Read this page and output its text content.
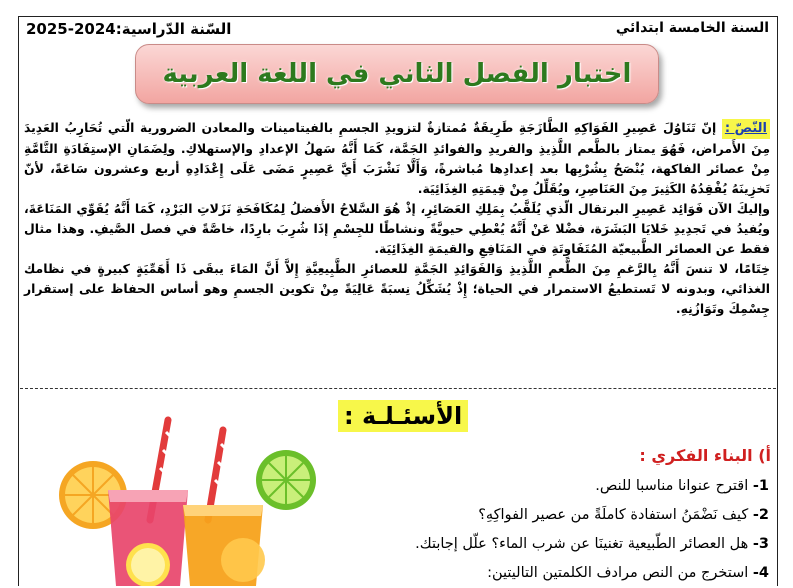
2025-2024:السّنة الدّراسية	السنة الخامسة ابتدائي
اختبار الفصل الثاني في اللغة العربية
النّصّ :

إنّ تَنَاوُلَ عَصِيرِ الفَوَاكِهِ الطَّازَجَةِ طَرِيقَةٌ مُمتازةٌ لتزويدِ الجسمِ بالفيتامينات والمعادن الضرورية الّتي تُحَارِبُ العَدِيدَ مِنَ الأَمراض، فَهُوَ يمتاز بالطَّعم اللَّذِيذِ والفريدِ والفوائدِ الجَمَّة، كَمَا أَنَّهُ سَهلُ الإعدادِ والإستهلاكِ. ولِضَمَانِ الإستِفَادَةِ التَّامَّةِ مِنْ عصائر الفاكهة، يُنْصَحُ بِشُرْبِها بعد إعدادِها مُباشرةً، وَأَلَّا نَشْرَبَ أَيَّ عَصِيرٍ مَضَى عَلَى إِعْدَادِهِ أربع وعشرون سَاعَةً، لأنّ تَخزِينَهُ يُفْقِدُهُ الكَثِيرَ مِنَ العَنَاصِرِ، ويُقَلِّلُ مِنْ قِيمَتِهِ الغِذَائِيَة.

وإليكَ الآن فَوَائِد عَصِيرِ البرتقال الّذي يُلَقَّبُ بِمَلِكِ العَصَائِرِ، إذْ هُوَ السَّلاحُ الأَفضلُ لِمُكَافَحَةِ نَزَلاتِ البَرْدِ، كَمَا أَنَّهُ يُقَوِّي المَنَاعَةَ، ويُفيدُ في تَجدِيدِ خَلايَا البَشَرَة، فضْلا عَنْ أَنَّهُ يُعْطِي حيويَّةً ونشاطًا للجِسْمِ إذَا شُرِبَ بارِدًا، خاصَّةً في فصل الصَّيفِ. وهذا مثال فقط عن العصائر الطَّبيعيّة المُتَفَاوِتَةِ في المَنَافِعِ والقيمَةِ الغِذَائِيَة.

خِتَامًا، لا تنسَ أَنَّهُ بِالرَّغمِ مِنَ الطَّعمِ اللَّذِيذِ وَالفَوَائِدِ الجَمَّةِ للعصائرِ الطَّبِيعِيَّةِ إِلاَّ أَنَّ المَاءَ يبقَى ذَا أَهَمِّيَةٍ كبيرةٍ في نظامك الغذائي، وبدونه لا تَستطيعُ الاستمرار في الحياة؛ إِذْ يُشَكِّلُ نِسبَةً عَالِيَةً مِنْ تكوين الجسمِ وهو أساس الحفاظ على إستقرار جِسْمِكَ وتَوَازُنِهِ.

الأسئـلـة :
أ) البناء الفكري :
1- اقترح عنوانا مناسبا للنص.
2- كيف نَضْمَنُ استفادة كاملَةً من عصير الفواكِهِ؟
3- هل العصائر الطّبيعية تغنينَا عن شرب الماء؟ علّل إجابتك.
4- استخرج من النص مرادف الكلمتين التاليتين:
